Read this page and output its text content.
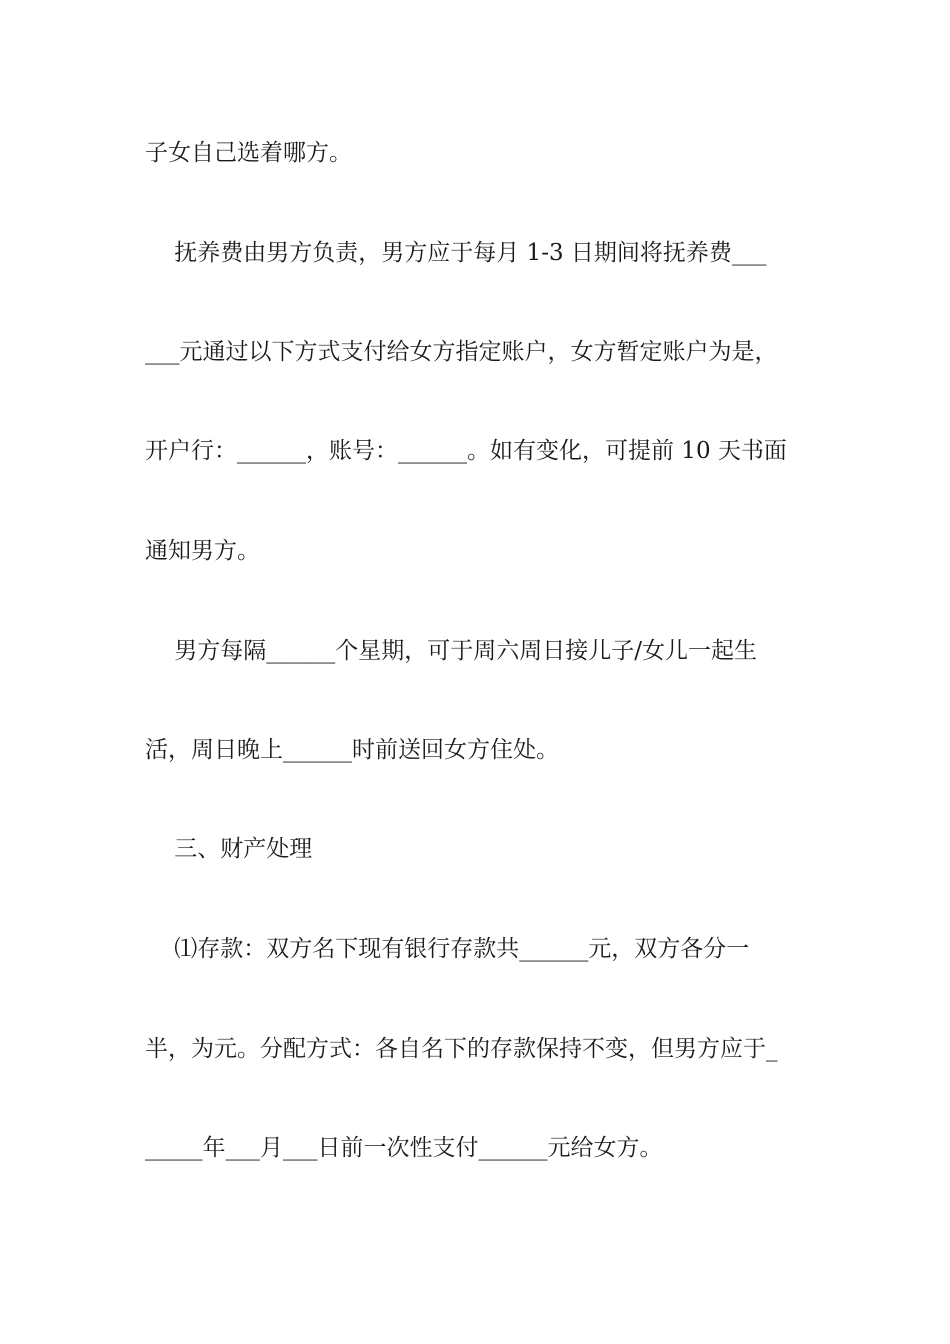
子女自己选着哪方。
抚养费由男方负责，男方应于每月 1-3 日期间将抚养费___
___元通过以下方式支付给女方指定账户，女方暂定账户为是，
开户行：______，账号：______。如有变化，可提前 10 天书面
通知男方。
男方每隔______个星期，可于周六周日接儿子/女儿一起生
活，周日晚上______时前送回女方住处。
三、财产处理
⑴存款：双方名下现有银行存款共______元，双方各分一
半，为元。分配方式：各自名下的存款保持不变，但男方应于_
_____年___月___日前一次性支付______元给女方。
